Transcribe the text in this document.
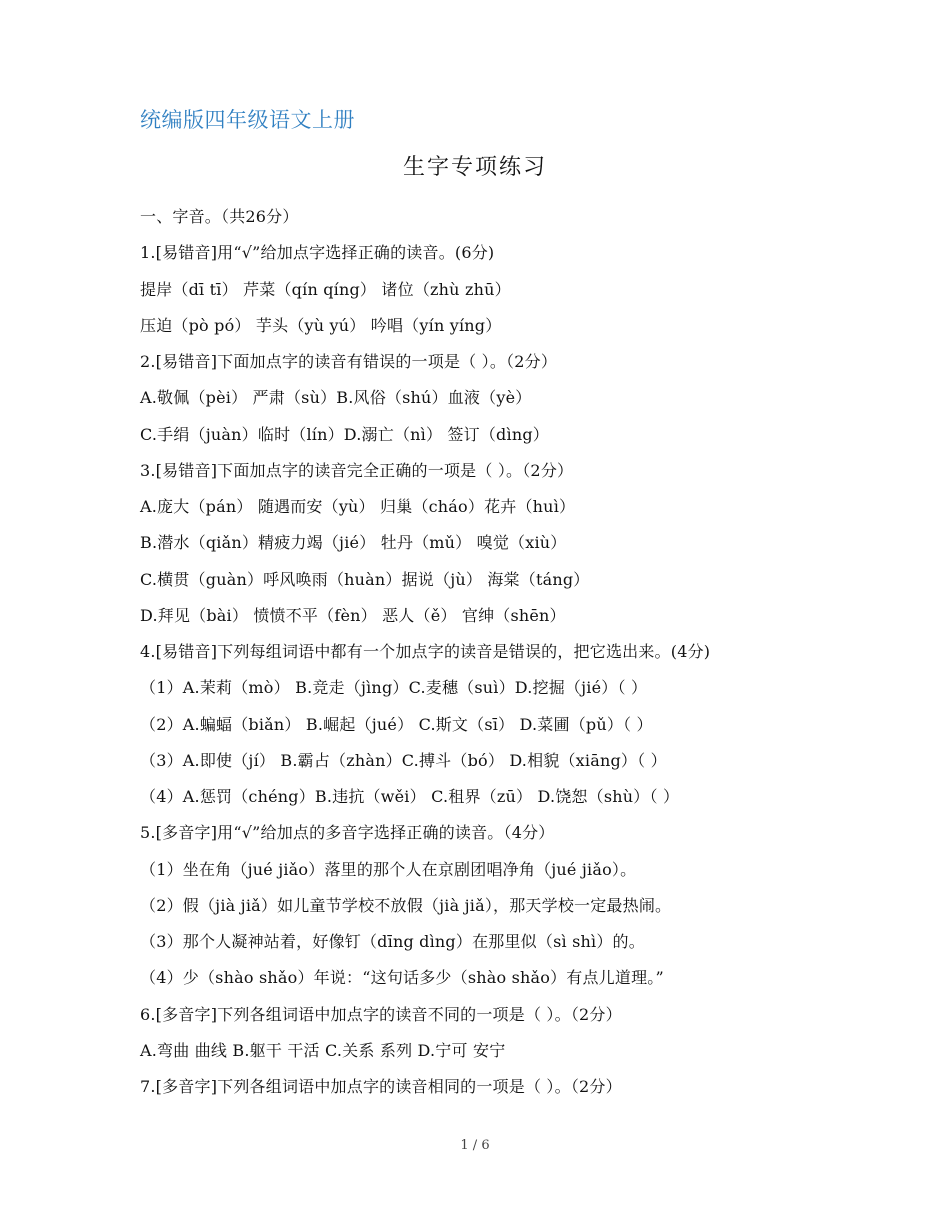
统编版四年级语文上册
生字专项练习
一、字音。（共26分）
1.[易错音]用“√”给加点字选择正确的读音。(6分)
提岸（dī tī） 芹菜（qín qíng） 诸位（zhù zhū）
压迫（pò pó） 芋头（yù yú） 吟唱（yín yíng）
2.[易错音]下面加点字的读音有错误的一项是（ ）。（2分）
A.敬佩（pèi） 严肃（sù）B.风俗（shú）血液（yè）
C.手绢（juàn）临时（lín）D.溺亡（nì） 签订（dìng）
3.[易错音]下面加点字的读音完全正确的一项是（ ）。（2分）
A.庞大（pán） 随遇而安（yù） 归巢（cháo）花卉（huì）
B.潜水（qiǎn）精疲力竭（jié） 牡丹（mǔ） 嗅觉（xiù）
C.横贯（guàn）呼风唤雨（huàn）据说（jù） 海棠（táng）
D.拜见（bài） 愤愤不平（fèn） 恶人（ě） 官绅（shēn）
4.[易错音]下列每组词语中都有一个加点字的读音是错误的，把它选出来。(4分)
（1）A.茉莉（mò） B.竞走（jìng）C.麦穗（suì）D.挖掘（jié）（ ）
（2）A.蝙蝠（biǎn） B.崛起（jué） C.斯文（sī） D.菜圃（pǔ）（ ）
（3）A.即使（jí） B.霸占（zhàn）C.搏斗（bó） D.相貌（xiāng）（ ）
（4）A.惩罚（chéng）B.违抗（wěi） C.租界（zū） D.饶恕（shù）（ ）
5.[多音字]用“√”给加点的多音字选择正确的读音。（4分）
（1）坐在角（jué jiǎo）落里的那个人在京剧团唱净角（jué jiǎo）。
（2）假（jià jiǎ）如儿童节学校不放假（jià jiǎ），那天学校一定最热闹。
（3）那个人凝神站着，好像钉（dīng dìng）在那里似（sì shì）的。
（4）少（shào shǎo）年说：“这句话多少（shào shǎo）有点儿道理。”
6.[多音字]下列各组词语中加点字的读音不同的一项是（ ）。（2分）
A.弯曲 曲线 B.躯干 干活 C.关系 系列 D.宁可 安宁
7.[多音字]下列各组词语中加点字的读音相同的一项是（ ）。（2分）
1 / 6
